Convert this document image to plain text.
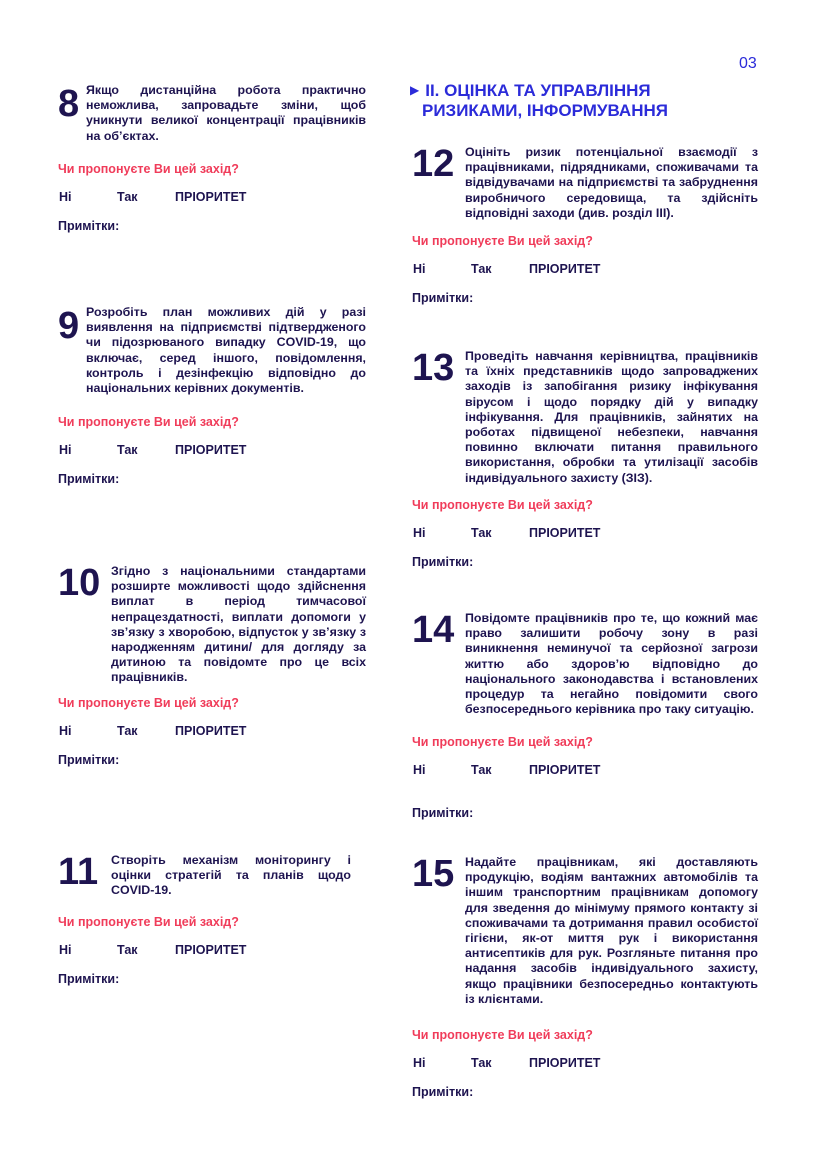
03
▶ II. ОЦІНКА ТА УПРАВЛІННЯ
РИЗИКАМИ, ІНФОРМУВАННЯ
8 Якщо дистанційна робота практично неможлива, запровадьте зміни, щоб уникнути великої концентрації працівників на об’єктах.
Чи пропонуєте Ви цей захід?
Ні	Так	ПРІОРИТЕТ
Примітки:
9 Розробіть план можливих дій у разі виявлення на підприємстві підтвердженого чи підозрюваного випадку COVID-19, що включає, серед іншого, повідомлення, контроль і дезінфекцію відповідно до національних керівних документів.
Чи пропонуєте Ви цей захід?
Ні	Так	ПРІОРИТЕТ
Примітки:
10 Згідно з національними стандартами розширте можливості щодо здійснення виплат в період тимчасової непрацездатності, виплати допомоги у зв’язку з хворобою, відпусток у зв’язку з народженням дитини/ для догляду за дитиною та повідомте про це всіх працівників.
Чи пропонуєте Ви цей захід?
Ні	Так	ПРІОРИТЕТ
Примітки:
11 Створіть механізм моніторингу і оцінки стратегій та планів щодо COVID-19.
Чи пропонуєте Ви цей захід?
Ні	Так	ПРІОРИТЕТ
Примітки:
12 Оцініть ризик потенціальної взаємодії з працівниками, підрядниками, споживачами та відвідувачами на підприємстві та забруднення виробничого середовища, та здійсніть відповідні заходи (див. розділ III).
Чи пропонуєте Ви цей захід?
Ні	Так	ПРІОРИТЕТ
Примітки:
13 Проведіть навчання керівництва, працівників та їхніх представників щодо запроваджених заходів із запобігання ризику інфікування вірусом і щодо порядку дій у випадку інфікування. Для працівників, зайнятих на роботах підвищеної небезпеки, навчання повинно включати питання правильного використання, обробки та утилізації засобів індивідуального захисту (ЗІЗ).
Чи пропонуєте Ви цей захід?
Ні	Так	ПРІОРИТЕТ
Примітки:
14 Повідомте працівників про те, що кожний має право залишити робочу зону в разі виникнення неминучої та серйозної загрози життю або здоров’ю відповідно до національного законодавства і встановлених процедур та негайно повідомити свого безпосереднього керівника про таку ситуацію.
Чи пропонуєте Ви цей захід?
Ні	Так	ПРІОРИТЕТ
Примітки:
15 Надайте працівникам, які доставляють продукцію, водіям вантажних автомобілів та іншим транспортним працівникам допомогу для зведення до мінімуму прямого контакту зі споживачами та дотримання правил особистої гігієни, як-от миття рук і використання антисептиків для рук. Розгляньте питання про надання засобів індивідуального захисту, якщо працівники безпосередньо контактують із клієнтами.
Чи пропонуєте Ви цей захід?
Ні	Так	ПРІОРИТЕТ
Примітки:
